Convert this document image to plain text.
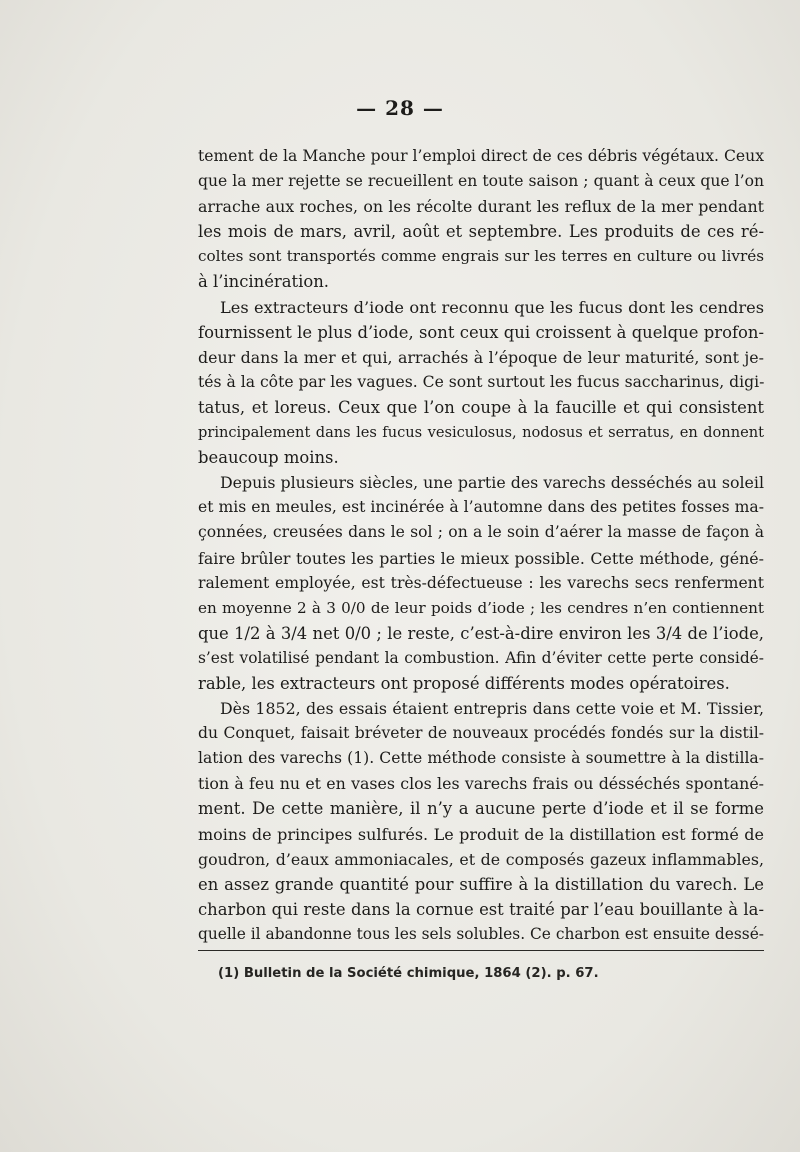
— 28 —
tement de la Manche pour l’emploi direct de ces débris végétaux. Ceux
que la mer rejette se recueillent en toute saison ; quant à ceux que l’on
arrache aux roches, on les récolte durant les reflux de la mer pendant
les mois de mars, avril, août et septembre. Les produits de ces ré-
coltes sont transportés comme engrais sur les terres en culture ou livrés
à l’incinération.
Les extracteurs d’iode ont reconnu que les fucus dont les cendres
fournissent le plus d’iode, sont ceux qui croissent à quelque profon-
deur dans la mer et qui, arrachés à l’époque de leur maturité, sont je-
tés à la côte par les vagues. Ce sont surtout les fucus saccharinus, digi-
tatus, et loreus. Ceux que l’on coupe à la faucille et qui consistent
principalement dans les fucus vesiculosus, nodosus et serratus, en donnent
beaucoup moins.
Depuis plusieurs siècles, une partie des varechs desséchés au soleil
et mis en meules, est incinérée à l’automne dans des petites fosses ma-
çonnées, creusées dans le sol ; on a le soin d’aérer la masse de façon à
faire brûler toutes les parties le mieux possible. Cette méthode, géné-
ralement employée, est très-défectueuse : les varechs secs renferment
en moyenne 2 à 3 0/0 de leur poids d’iode ; les cendres n’en contiennent
que 1/2 à 3/4 net 0/0 ; le reste, c’est-à-dire environ les 3/4 de l’iode,
s’est volatilisé pendant la combustion. Afin d’éviter cette perte considé-
rable, les extracteurs ont proposé différents modes opératoires.
Dès 1852, des essais étaient entrepris dans cette voie et M. Tissier,
du Conquet, faisait bréveter de nouveaux procédés fondés sur la distil-
lation des varechs (1). Cette méthode consiste à soumettre à la distilla-
tion à feu nu et en vases clos les varechs frais ou désséchés spontané-
ment. De cette manière, il n’y a aucune perte d’iode et il se forme
moins de principes sulfurés. Le produit de la distillation est formé de
goudron, d’eaux ammoniacales, et de composés gazeux inflammables,
en assez grande quantité pour suffire à la distillation du varech. Le
charbon qui reste dans la cornue est traité par l’eau bouillante à la-
quelle il abandonne tous les sels solubles. Ce charbon est ensuite dessé-
(1) Bulletin de la Société chimique, 1864 (2). p. 67.
